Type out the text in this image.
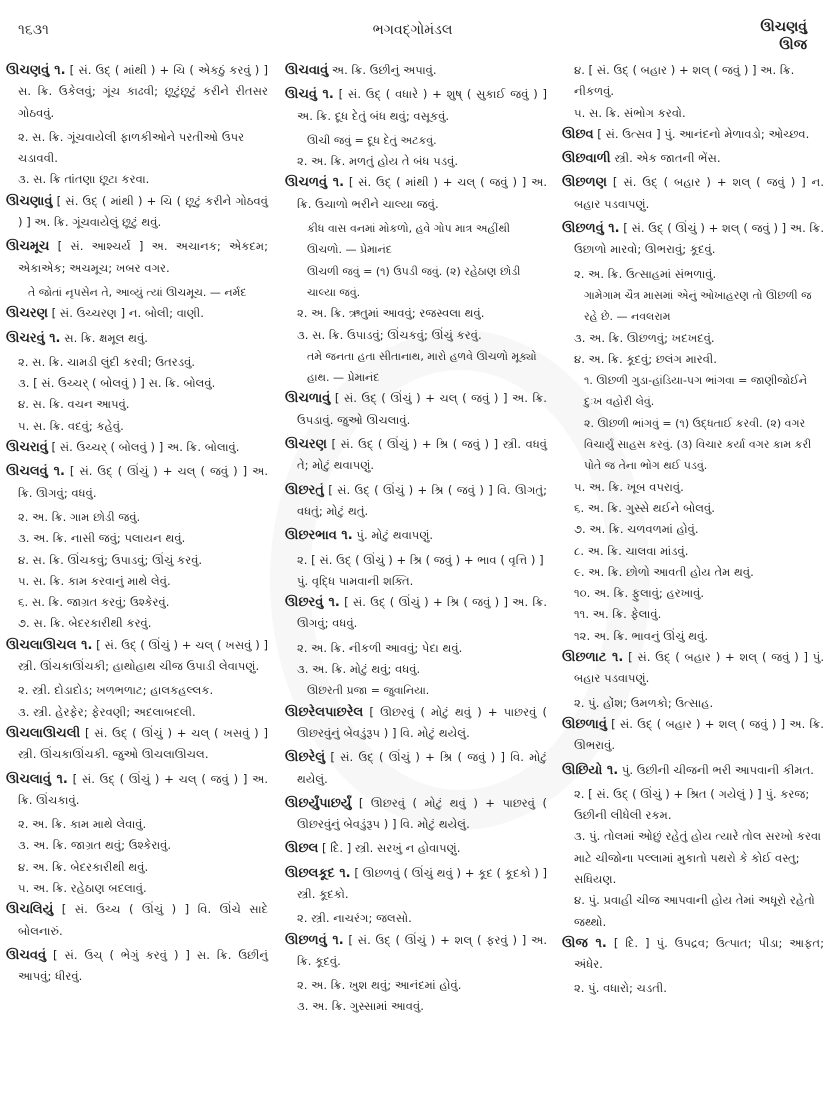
૧૬૩૧	ભગવદ્ગોમંડલ	ઊચણવું
ઊજ

ઊચણવું ૧. [ સં. ઉદ્ ( માંથી ) + ચિ ( એકઠું કરવું ) ] સ. ક્રિ. ઉકેલવું; ગૂંચ કાઢવી; છૂટુંછૂટું કરીને રીતસર ગોઠવવું.

૨. સ. ક્રિ. ગૂંચવાયેલી ફાળકીઓને પરતીઓ ઉપર ચડાવવી.

૩. સ. ક્રિ તાંતણા છૂટા કરવા.

ઊચણાવું [ સં. ઉદ્ ( માંથી ) + ચિ ( છૂટું કરીને ગોઠવવું ) ] અ. ક્રિ. ગૂંચવાયેલું છૂટું થવું.

ઊચમૂચ [ સં. આશ્ચર્ય ] અ. અચાનક; એકદમ; એકાએક; અચમૂચ; ખબર વગર.

તે જોતાં નૃપસેન તે, આવ્યું ત્યાં ઊચમૂચ. — નર્મદ

ઊચરણ [ સં. ઉચ્ચરણ ] ન. બોલી; વાણી.

ઊચરવું ૧. સ. ક્રિ. ક્ષમૂલ થવું.

૨. સ. ક્રિ. ચામડી લુંદી કરવી; ઉતરડવું.

૩. [ સં. ઉચ્ચર્ ( બોલવું ) ] સ. ક્રિ. બોલવું.

૪. સ. ક્રિ. વચન આપવું.

૫. સ. ક્રિ. વદવું; કહેવું.

ઊચરાવું [ સં. ઉચ્ચર્ ( બોલવું ) ] અ. ક્રિ. બોલાવું.

ઊચલવું ૧. [ સં. ઉદ્ ( ઊંચું ) + ચલ્ ( જવું ) ] અ. ક્રિ. ઊગવું; વધવું.

૨. અ. ક્રિ. ગામ છોડી જવું.

૩. અ. ક્રિ. નાસી જવું; પલાયન થવું.

૪. સ. ક્રિ. ઊંચકવું; ઉપાડવું; ઊંચું કરવું.

૫. સ. ક્રિ. કામ કરવાનું માથે લેવું.

૬. સ. ક્રિ. જાગ્રત કરવું; ઉશ્કેરવું.

૭. સ. ક્રિ. બેદરકારીથી કરવું.

ઊચલાઊચલ ૧. [ સં. ઉદ્ ( ઊંચું ) + ચલ્ ( ખસવું ) ] સ્ત્રી. ઊંચકાઊંચકી; હાથોહાથ ચીજ ઉપાડી લેવાપણું.

૨. સ્ત્રી. દોડાદોડ; ખળભળાટ; હાલકહલ્લક.

૩. સ્ત્રી. હેરફેર; ફેરવણી; અદલાબદલી.

ઊચલાઊચલી [ સં. ઉદ્ ( ઊંચું ) + ચલ્ ( ખસવું ) ] સ્ત્રી. ઊંચકાઊંચકી. જુઓ ઊચલાઊચલ.

ઊચલાવું ૧. [ સં. ઉદ્ ( ઊંચું ) + ચલ્ ( જવું ) ] અ. ક્રિ. ઊંચકાવું.

૨. અ. ક્રિ. કામ માથે લેવાવું.

૩. અ. ક્રિ. જાગ્રત થવું; ઉશ્કેરાવું.

૪. અ. ક્રિ. બેદરકારીથી થવું.

૫. અ. ક્રિ. રહેઠાણ બદલાવું.

ઊચલિયું [ સં. ઉચ્ચ ( ઊંચું ) ] વિ. ઊંચે સાદે બોલનારું.

ઊચવવું [ સં. ઉચ્ ( ભેગું કરવું ) ] સ. ક્રિ. ઉછીનું આપવું; ધીરવું.

ઊચવાવું અ. ક્રિ. ઉછીનું અપાવું.

ઊચવું ૧. [ સં. ઉદ્ ( વધારે ) + શુષ્ ( સુકાઈ જવું ) ] અ. ક્રિ. દૂધ દેતું બંધ થવું; વસૂકવું.

ઊચી જવું = દૂધ દેતું અટકવું.

૨. અ. ક્રિ. મળતું હોય તે બંધ પડવું.

ઊચળવું ૧. [ સં. ઉદ્ ( માંથી ) + ચલ્ ( જવું ) ] અ. ક્રિ. ઉચાળો ભરીને ચાલ્યા જવું.

કીધ વાસ વનમાં મોકળો, હવે ગોપ માત્ર અહીંથી ઊચળો. — પ્રેમાનંદ

ઊચળી જવું = (૧) ઉપડી જવું. (૨) રહેઠાણ છોડી ચાલ્યા જવું.

૨. અ. ક્રિ. ઋતુમાં આવવું; રજસ્વલા થવું.

૩. સ. ક્રિ. ઉપાડવું; ઊંચકવું; ઊંચું કરવું.

તમે જનતા હતા સીતાનાથ, મારો હળવે ઊચળો મૂક્યો હાથ. — પ્રેમાનંદ

ઊચળાવું [ સં. ઉદ્ ( ઊંચું ) + ચલ્ ( જવું ) ] અ. ક્રિ. ઉપડાવું. જુઓ ઊચલાવું.

ઊચરણ [ સં. ઉદ્ ( ઊંચું ) + શ્રિ ( જવું ) ] સ્ત્રી. વધવું તે; મોટું થવાપણું.

ઊછરતું [ સં. ઉદ્ ( ઊંચું ) + શ્રિ ( જવું ) ] વિ. ઊગતું; વધતું; મોટું થતું.

ઊછરભાવ ૧. પું. મોટું થવાપણું.

૨. [ સં. ઉદ્ ( ઊંચું ) + શ્રિ ( જવું ) + ભાવ ( વૃત્તિ ) ] પું. વૃદ્ધિ પામવાની શક્તિ.

ઊછરવું ૧. [ સં. ઉદ્ ( ઊંચું ) + શ્રિ ( જવું ) ] અ. ક્રિ. ઊગવું; વધવું.

૨. અ. ક્રિ. નીકળી આવવું; પેદા થવું.

૩. અ. ક્રિ. મોટું થવું; વધવું.

ઊછરતી પ્રજા = જુવાનિયા.

ઊછરેલપાછરેલ [ ઊછરવું ( મોટું થવું ) + પાછરવું ( ઊછરવુંનું બેવડુંરૂપ ) ] વિ. મોટું થયેલું.

ઊછરેલું [ સં. ઉદ્ ( ઊંચું ) + શ્રિ ( જવું ) ] વિ. મોટું થયેલું.

ઊછર્યુંપાછર્યું [ ઊછરવું ( મોટું થવું ) + પાછરવું ( ઊછરવુંનું બેવડુંરૂપ ) ] વિ. મોટું થયેલું.

ઊછલ [ દેિ. ] સ્ત્રી. સરખું ન હોવાપણું.

ઊછલકૂદ ૧. [ ઊછળવું ( ઊંચું થવું ) + કૂદ ( કૂદકો ) ] સ્ત્રી. કૂદકો.

૨. સ્ત્રી. નાચરંગ; જલસો.

ઊછળવું ૧. [ સં. ઉદ્ ( ઊંચું ) + શલ્ ( ફરવું ) ] અ. ક્રિ. કૂદવું.

૨. અ. ક્રિ. ખુશ થવું; આનંદમાં હોવું.

૩. અ. ક્રિ. ગુસ્સામાં આવવું.

૪. [ સં. ઉદ્ ( બહાર ) + શલ્ ( જવું ) ] અ. ક્રિ. નીકળવું.

૫. સ. ક્રિ. સંભોગ કરવો.

ઊછવ [ સં. ઉત્સવ ] પું. આનંદનો મેળાવડો; ઓચ્છવ.

ઊછવાળી સ્ત્રી. એક જાતની ભેંસ.

ઊછળણ [ સં. ઉદ્ ( બહાર ) + શલ્ ( જવું ) ] ન. બહાર પડવાપણું.

ઊછળવું ૧. [ સં. ઉદ્ ( ઊંચું ) + શલ્ ( જવું ) ] અ. ક્રિ. ઉછાળો મારવો; ઊભરાવું; કૂદવું.

૨. અ. ક્રિ. ઉત્સાહમાં સંભળાવું.

ગામેગામ ચૈત્ર માસમાં એનું ઓખાહરણ તો ઊછળી જ રહે છે. — નવલરામ

૩. અ. ક્રિ. ઊછળવું; ખદખદવું.

૪. અ. ક્રિ. કૂદવું; છલંગ મારવી.

૧. ઊછળી ગુડા-હાંડિયા-પગ ભાંગવા = જાણીજોઈને દુઃખ વહોરી લેવું.

૨. ઊછળી ભાંગવું = (૧) ઉદ્ધતાઈ કરવી. (૨) વગર વિચાર્યું સાહસ કરવું. (૩) વિચાર કર્યા વગર કામ કરી પોતે જ તેના ભોગ થઈ પડવું.

૫. અ. ક્રિ. ખૂબ વપરાવું.

૬. અ. ક્રિ. ગુસ્સે થઈને બોલવું.

૭. અ. ક્રિ. ચળવળમાં હોવું.

૮. અ. ક્રિ. ચાલવા માંડવું.

૯. અ. ક્રિ. છોળો આવતી હોય તેમ થવું.

૧૦. અ. ક્રિ. ફુલાવું; હરખાવું.

૧૧. અ. ક્રિ. ફેલાવું.

૧૨. અ. ક્રિ. ભાવનું ઊંચું થવું.

ઊછળાટ ૧. [ સં. ઉદ્ ( બહાર ) + શલ્ ( જવું ) ] પું. બહાર પડવાપણું.

૨. પું. હોંશ; ઉમળકો; ઉત્સાહ.

ઊછળાવું [ સં. ઉદ્ ( બહાર ) + શલ્ ( જવું ) ] અ. ક્રિ. ઊભરાવું.

ઊછિયો ૧. પું. ઉછીની ચીજની ભરી આપવાની કીમત.

૨. [ સં. ઉદ્ ( ઊંચું ) + શ્રિત ( ગયેલું ) ] પું. કરજ; ઉછીની લીધેલી રકમ.

૩. પું. તોલમાં ઓછું રહેતું હોય ત્યારે તોલ સરખો કરવા માટે ચીજોના પલ્લામાં મુકાતો પથરો કે કોઈ વસ્તુ; સધિયણ.

૪. પું. પ્રવાહી ચીજ આપવાની હોય તેમાં અધૂરો રહેતો જથ્થો.

ઊજ ૧. [ દેિ. ] પું. ઉપદ્રવ; ઉત્પાત; પીડા; આફત; અંધેર.

૨. પું. વધારો; ચડતી.
